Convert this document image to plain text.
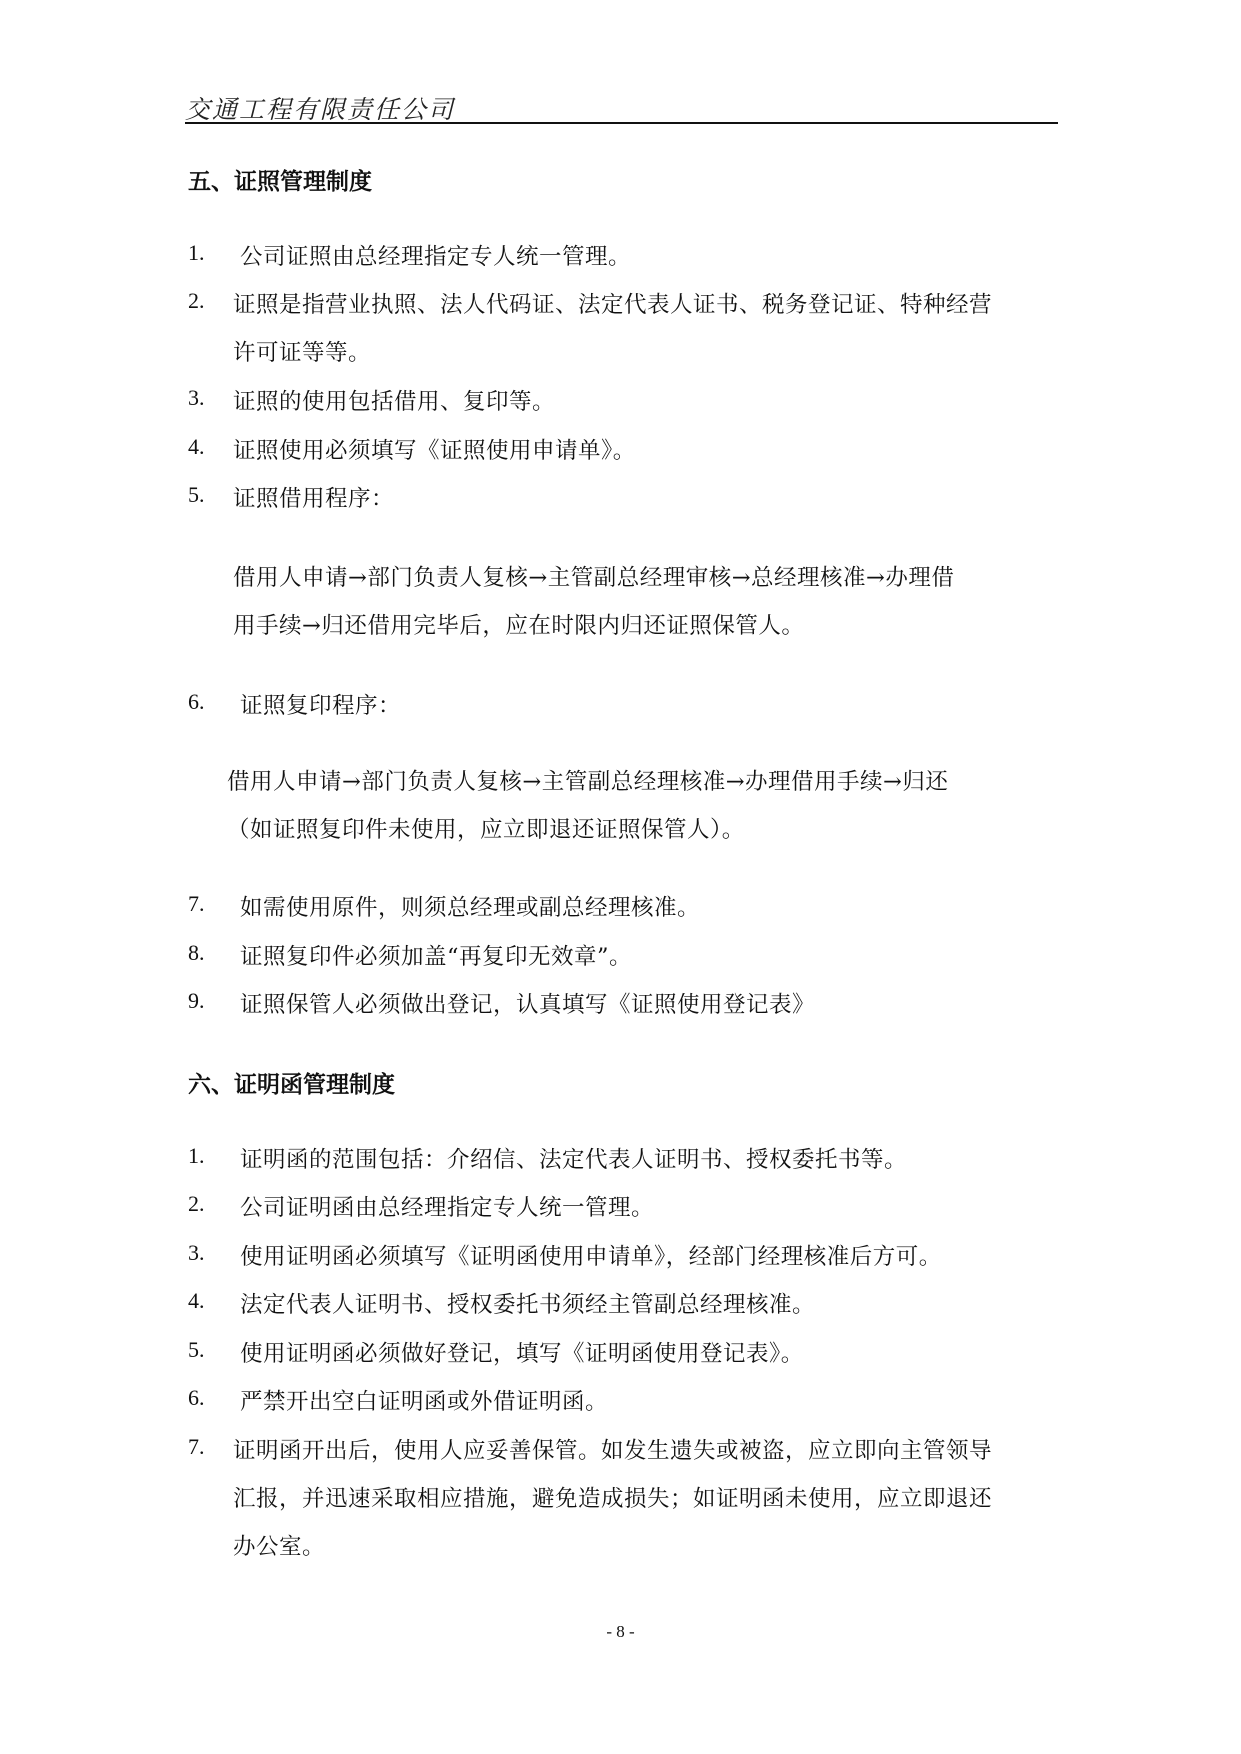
交通工程有限责任公司
五、证照管理制度
1. 公司证照由总经理指定专人统一管理。
2. 证照是指营业执照、法人代码证、法定代表人证书、税务登记证、特种经营
许可证等等。
3. 证照的使用包括借用、复印等。
4. 证照使用必须填写《证照使用申请单》。
5. 证照借用程序：
借用人申请→部门负责人复核→主管副总经理审核→总经理核准→办理借
用手续→归还借用完毕后，应在时限内归还证照保管人。
6. 证照复印程序：
借用人申请→部门负责人复核→主管副总经理核准→办理借用手续→归还
（如证照复印件未使用，应立即退还证照保管人）。
7. 如需使用原件，则须总经理或副总经理核准。
8. 证照复印件必须加盖“再复印无效章”。
9. 证照保管人必须做出登记，认真填写《证照使用登记表》
六、证明函管理制度
1. 证明函的范围包括：介绍信、法定代表人证明书、授权委托书等。
2. 公司证明函由总经理指定专人统一管理。
3. 使用证明函必须填写《证明函使用申请单》，经部门经理核准后方可。
4. 法定代表人证明书、授权委托书须经主管副总经理核准。
5. 使用证明函必须做好登记，填写《证明函使用登记表》。
6. 严禁开出空白证明函或外借证明函。
7. 证明函开出后，使用人应妥善保管。如发生遗失或被盗，应立即向主管领导
汇报，并迅速采取相应措施，避免造成损失；如证明函未使用，应立即退还
办公室。
- 8 -
